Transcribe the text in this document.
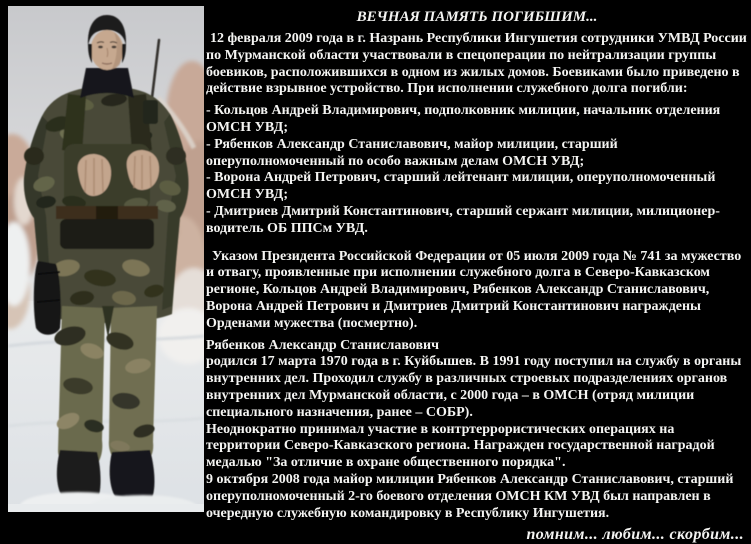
ВЕЧНАЯ ПАМЯТЬ ПОГИБШИМ...
12 февраля 2009 года в г. Назрань Республики Ингушетия сотрудники УМВД России по Мурманской области участвовали в спецоперации по нейтрализации группы боевиков, расположившихся в одном из жилых домов. Боевиками было приведено в действие взрывное устройство. При исполнении служебного долга погибли:
- Кольцов Андрей Владимирович, подполковник милиции, начальник отделения ОМСН УВД;
- Рябенков Александр Станиславович, майор милиции, старший оперуполномоченный по особо важным делам ОМСН УВД;
- Ворона Андрей Петрович, старший лейтенант милиции, оперуполномоченный ОМСН УВД;
- Дмитриев Дмитрий Константинович, старший сержант милиции, милиционер-водитель ОБ ППСм УВД.
Указом Президента Российской Федерации от 05 июля 2009 года № 741 за мужество и отвагу, проявленные при исполнении служебного долга в Северо-Кавказском регионе, Кольцов Андрей Владимирович, Рябенков Александр Станиславович, Ворона Андрей Петрович и Дмитриев Дмитрий Константинович награждены Орденами мужества (посмертно).
Рябенков Александр Станиславович
родился 17 марта 1970 года в г. Куйбышев. В 1991 году поступил на службу в органы внутренних дел. Проходил службу в различных строевых подразделениях органов внутренних дел Мурманской области, с 2000 года – в ОМСН (отряд милиции специального назначения, ранее – СОБР).
Неоднократно принимал участие в контртеррористических операциях на территории Северо-Кавказского региона. Награжден государственной наградой медалью "За отличие в охране общественного порядка".
9 октября 2008 года майор милиции Рябенков Александр Станиславович, старший оперуполномоченный 2-го боевого отделения ОМСН КМ УВД был направлен в очередную служебную командировку в Республику Ингушетия.
помним... любим... скорбим...
